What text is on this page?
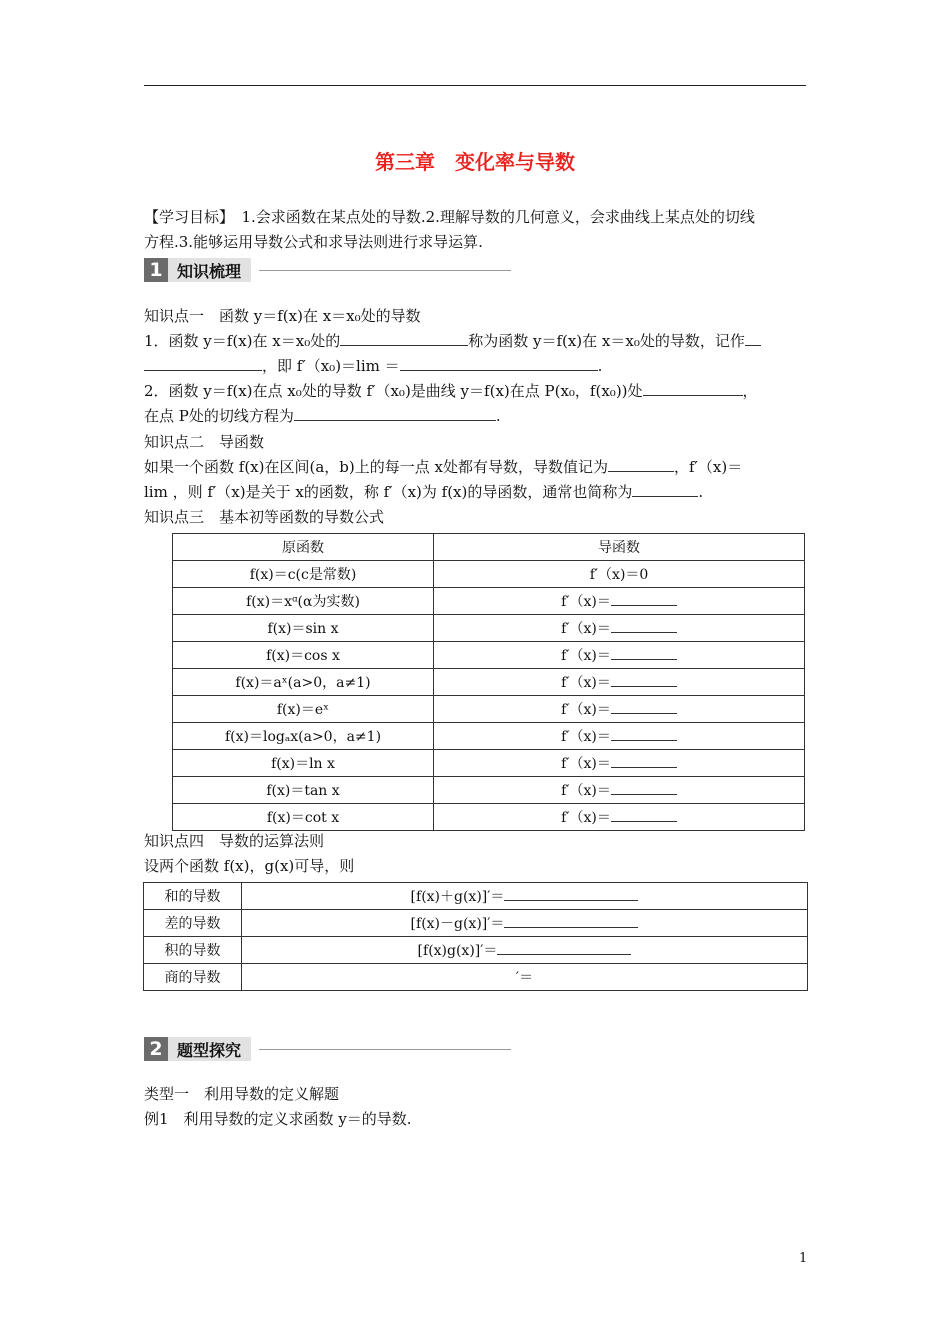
第三章　变化率与导数
【学习目标】　1.会求函数在某点处的导数.2.理解导数的几何意义，会求曲线上某点处的切线
方程.3.能够运用导数公式和求导法则进行求导运算.
1 知识梳理
知识点一　函数 y＝f(x)在 x＝x₀处的导数
1．函数 y＝f(x)在 x＝x₀处的	称为函数 y＝f(x)在 x＝x₀处的导数，记作
，即 f′（x₀)＝lim ＝	.
2．函数 y＝f(x)在点 x₀处的导数 f′（x₀)是曲线 y＝f(x)在点 P(x₀，f(x₀))处	，
在点 P处的切线方程为	.
知识点二　导函数
如果一个函数 f(x)在区间(a，b)上的每一点 x处都有导数，导数值记为	，f′（x)＝
lim ，则 f′（x)是关于 x的函数，称 f′（x)为 f(x)的导函数，通常也简称为	.
知识点三　基本初等函数的导数公式
原函数	导函数
f(x)＝c(c是常数)	f′（x)＝0
f(x)＝xᵅ(α为实数)	f′（x)＝
f(x)＝sin x	f′（x)＝
f(x)＝cos x	f′（x)＝
f(x)＝aˣ(a>0，a≠1)	f′（x)＝
f(x)＝eˣ	f′（x)＝
f(x)＝logₐx(a>0，a≠1)	f′（x)＝
f(x)＝ln x	f′（x)＝
f(x)＝tan x	f′（x)＝
f(x)＝cot x	f′（x)＝
知识点四　导数的运算法则
设两个函数 f(x)，g(x)可导，则
和的导数	[f(x)＋g(x)]′＝
差的导数	[f(x)－g(x)]′＝
积的导数	[f(x)g(x)]′＝
商的导数	′＝
2 题型探究
类型一　利用导数的定义解题
例1　利用导数的定义求函数 y＝的导数.
1
